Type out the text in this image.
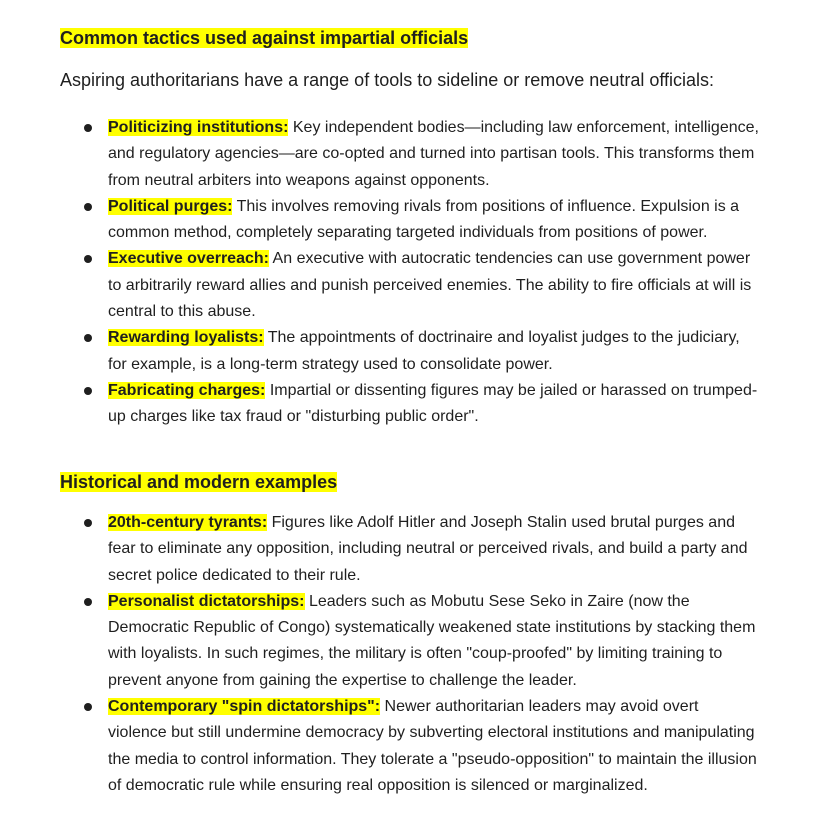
Common tactics used against impartial officials

Aspiring authoritarians have a range of tools to sideline or remove neutral officials:

Politicizing institutions: Key independent bodies—including law enforcement, intelligence, and regulatory agencies—are co-opted and turned into partisan tools. This transforms them from neutral arbiters into weapons against opponents.
Political purges: This involves removing rivals from positions of influence. Expulsion is a common method, completely separating targeted individuals from positions of power.
Executive overreach: An executive with autocratic tendencies can use government power to arbitrarily reward allies and punish perceived enemies. The ability to fire officials at will is central to this abuse.
Rewarding loyalists: The appointments of doctrinaire and loyalist judges to the judiciary, for example, is a long-term strategy used to consolidate power.
Fabricating charges: Impartial or dissenting figures may be jailed or harassed on trumped-up charges like tax fraud or "disturbing public order".
Historical and modern examples
20th-century tyrants: Figures like Adolf Hitler and Joseph Stalin used brutal purges and fear to eliminate any opposition, including neutral or perceived rivals, and build a party and secret police dedicated to their rule.
Personalist dictatorships: Leaders such as Mobutu Sese Seko in Zaire (now the Democratic Republic of Congo) systematically weakened state institutions by stacking them with loyalists. In such regimes, the military is often "coup-proofed" by limiting training to prevent anyone from gaining the expertise to challenge the leader.
Contemporary "spin dictatorships": Newer authoritarian leaders may avoid overt violence but still undermine democracy by subverting electoral institutions and manipulating the media to control information. They tolerate a "pseudo-opposition" to maintain the illusion of democratic rule while ensuring real opposition is silenced or marginalized.
